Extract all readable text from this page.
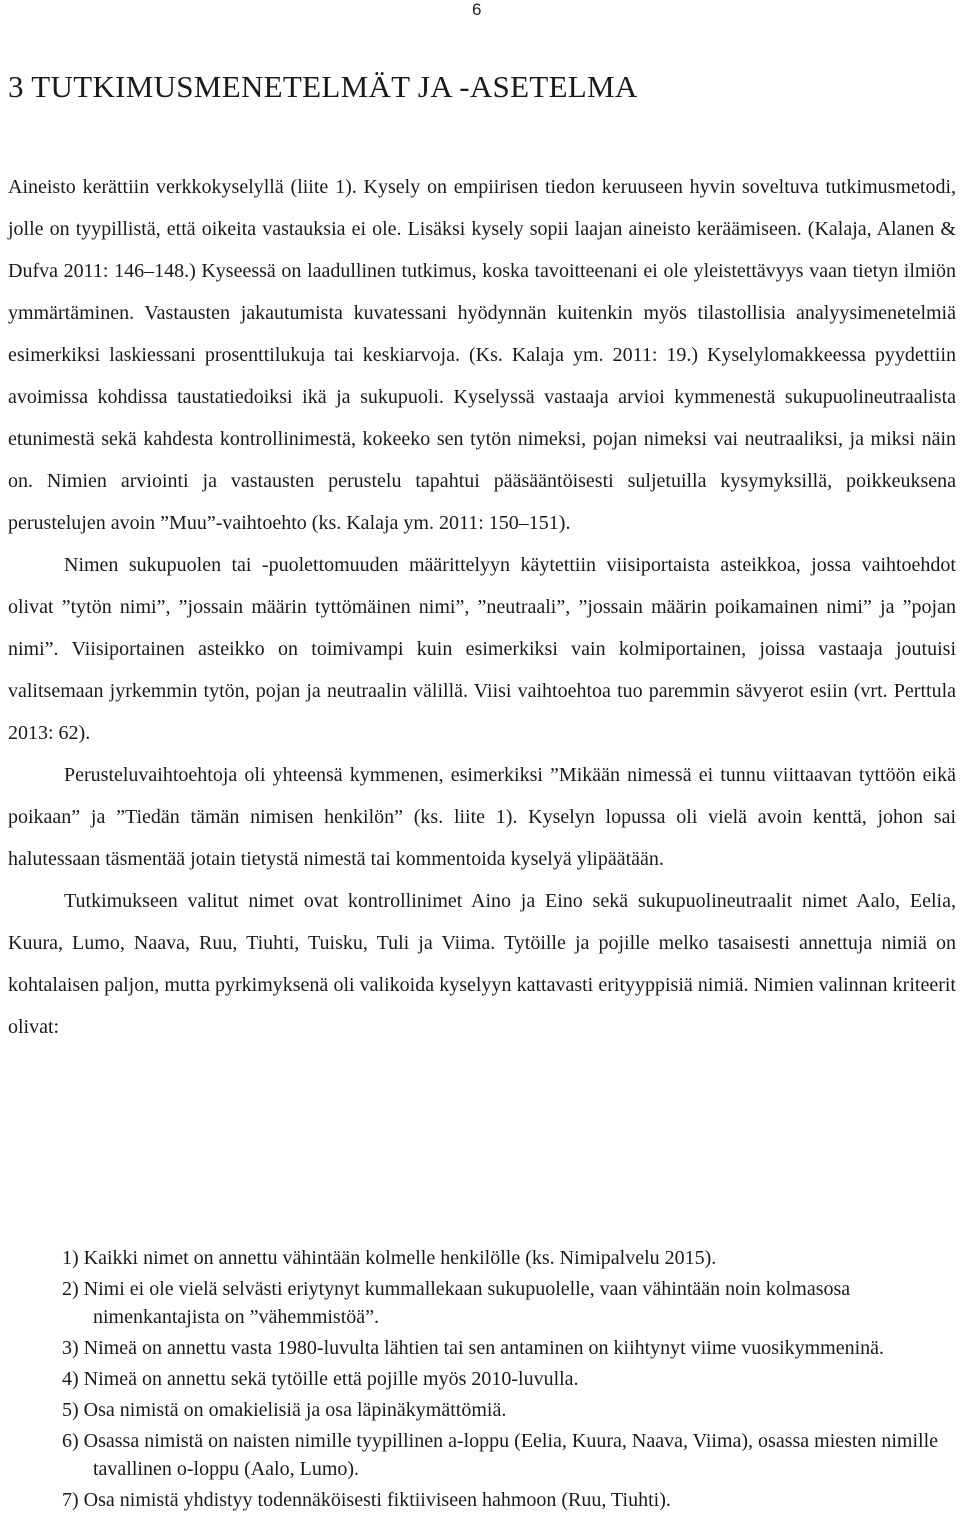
6
3 TUTKIMUSMENETELMÄT JA -ASETELMA

Aineisto kerättiin verkkokyselyllä (liite 1). Kysely on empiirisen tiedon keruuseen hyvin soveltuva tutkimusmetodi, jolle on tyypillistä, että oikeita vastauksia ei ole. Lisäksi kysely sopii laajan aineisto keräämiseen. (Kalaja, Alanen & Dufva 2011: 146–148.) Kyseessä on laadullinen tutkimus, koska tavoitteenani ei ole yleistettävyys vaan tietyn ilmiön ymmärtäminen. Vastausten jakautumista kuvatessani hyödynnän kuitenkin myös tilastollisia analyysimenetelmiä esimerkiksi laskiessani prosenttilukuja tai keskiarvoja. (Ks. Kalaja ym. 2011: 19.) Kyselylomakkeessa pyydettiin avoimissa kohdissa taustatiedoiksi ikä ja sukupuoli. Kyselyssä vastaaja arvioi kymmenestä sukupuolineutraalista etunimestä sekä kahdesta kontrollinimestä, kokeeko sen tytön nimeksi, pojan nimeksi vai neutraaliksi, ja miksi näin on. Nimien arviointi ja vastausten perustelu tapahtui pääsääntöisesti suljetuilla kysymyksillä, poikkeuksena perustelujen avoin ”Muu”-vaihtoehto (ks. Kalaja ym. 2011: 150–151).

Nimen sukupuolen tai -puolettomuuden määrittelyyn käytettiin viisiportaista asteikkoa, jossa vaihtoehdot olivat ”tytön nimi”, ”jossain määrin tyttömäinen nimi”, ”neutraali”, ”jossain määrin poikamainen nimi” ja ”pojan nimi”. Viisiportainen asteikko on toimivampi kuin esimerkiksi vain kolmiportainen, joissa vastaaja joutuisi valitsemaan jyrkemmin tytön, pojan ja neutraalin välillä. Viisi vaihtoehtoa tuo paremmin sävyerot esiin (vrt. Perttula 2013: 62).

Perusteluvaihtoehtoja oli yhteensä kymmenen, esimerkiksi ”Mikään nimessä ei tunnu viittaavan tyttöön eikä poikaan” ja ”Tiedän tämän nimisen henkilön” (ks. liite 1). Kyselyn lopussa oli vielä avoin kenttä, johon sai halutessaan täsmentää jotain tietystä nimestä tai kommentoida kyselyä ylipäätään.

Tutkimukseen valitut nimet ovat kontrollinimet Aino ja Eino sekä sukupuolineutraalit nimet Aalo, Eelia, Kuura, Lumo, Naava, Ruu, Tiuhti, Tuisku, Tuli ja Viima. Tytöille ja pojille melko tasaisesti annettuja nimiä on kohtalaisen paljon, mutta pyrkimyksenä oli valikoida kyselyyn kattavasti erityyppisiä nimiä. Nimien valinnan kriteerit olivat:

1) Kaikki nimet on annettu vähintään kolmelle henkilölle (ks. Nimipalvelu 2015).
2) Nimi ei ole vielä selvästi eriytynyt kummallekaan sukupuolelle, vaan vähintään noin kolmasosa nimenkantajista on ”vähemmistöä”.
3) Nimeä on annettu vasta 1980-luvulta lähtien tai sen antaminen on kiihtynyt viime vuosikymmeninä.
4) Nimeä on annettu sekä tytöille että pojille myös 2010-luvulla.
5) Osa nimistä on omakielisiä ja osa läpinäkymättömiä.
6) Osassa nimistä on naisten nimille tyypillinen a-loppu (Eelia, Kuura, Naava, Viima), osassa miesten nimille tavallinen o-loppu (Aalo, Lumo).
7) Osa nimistä yhdistyy todennäköisesti fiktiiviseen hahmoon (Ruu, Tiuhti).
